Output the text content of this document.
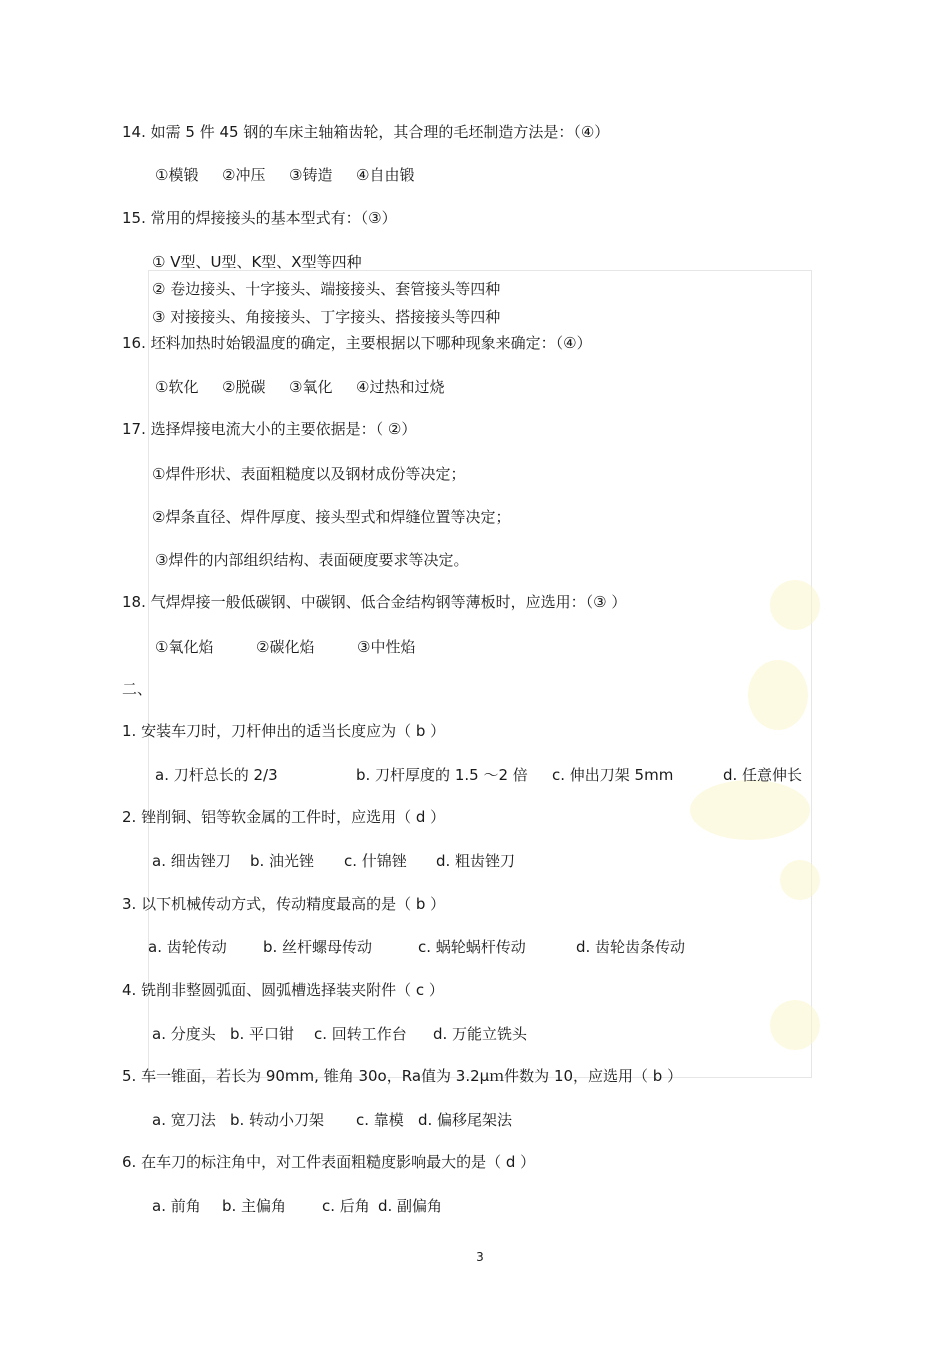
14. 如需 5 件 45 钢的车床主轴箱齿轮，其合理的毛坯制造方法是：（④）
①模锻 ②冲压 ③铸造 ④自由锻
15. 常用的焊接接头的基本型式有：（③）
① V型、U型、K型、X型等四种
② 卷边接头、十字接头、端接接头、套管接头等四种
③ 对接接头、角接接头、丁字接头、搭接接头等四种
16. 坯料加热时始锻温度的确定，主要根据以下哪种现象来确定：（④）
①软化 ②脱碳 ③氧化 ④过热和过烧
17. 选择焊接电流大小的主要依据是：（ ②）
①焊件形状、表面粗糙度以及钢材成份等决定；
②焊条直径、焊件厚度、接头型式和焊缝位置等决定；
③焊件的内部组织结构、表面硬度要求等决定。
18. 气焊焊接一般低碳钢、中碳钢、低合金结构钢等薄板时，应选用：（③ ）
①氧化焰	②碳化焰	③中性焰
二、
1. 安装车刀时，刀杆伸出的适当长度应为（ b ）
a. 刀杆总长的 2/3	b. 刀杆厚度的 1.5 ～2 倍 c. 伸出刀架 5mm	d. 任意伸长
2. 锉削铜、铝等软金属的工件时，应选用（ d ）
a. 细齿锉刀 b. 油光锉 c. 什锦锉 d. 粗齿锉刀
3. 以下机械传动方式，传动精度最高的是（ b ）
a. 齿轮传动 b. 丝杆螺母传动	c. 蜗轮蜗杆传动	d. 齿轮齿条传动
4. 铣削非整圆弧面、圆弧槽选择装夹附件（ c ）
a. 分度头 b. 平口钳 c. 回转工作台 d. 万能立铣头
5. 车一锥面，若长为 90mm, 锥角 30o，Ra值为 3.2μｍ件数为 10，应选用（ b ）
a. 宽刀法 b. 转动小刀架 c. 靠模 d. 偏移尾架法
6. 在车刀的标注角中，对工件表面粗糙度影响最大的是（ d ）
a. 前角 b. 主偏角 c. 后角 d. 副偏角
3
